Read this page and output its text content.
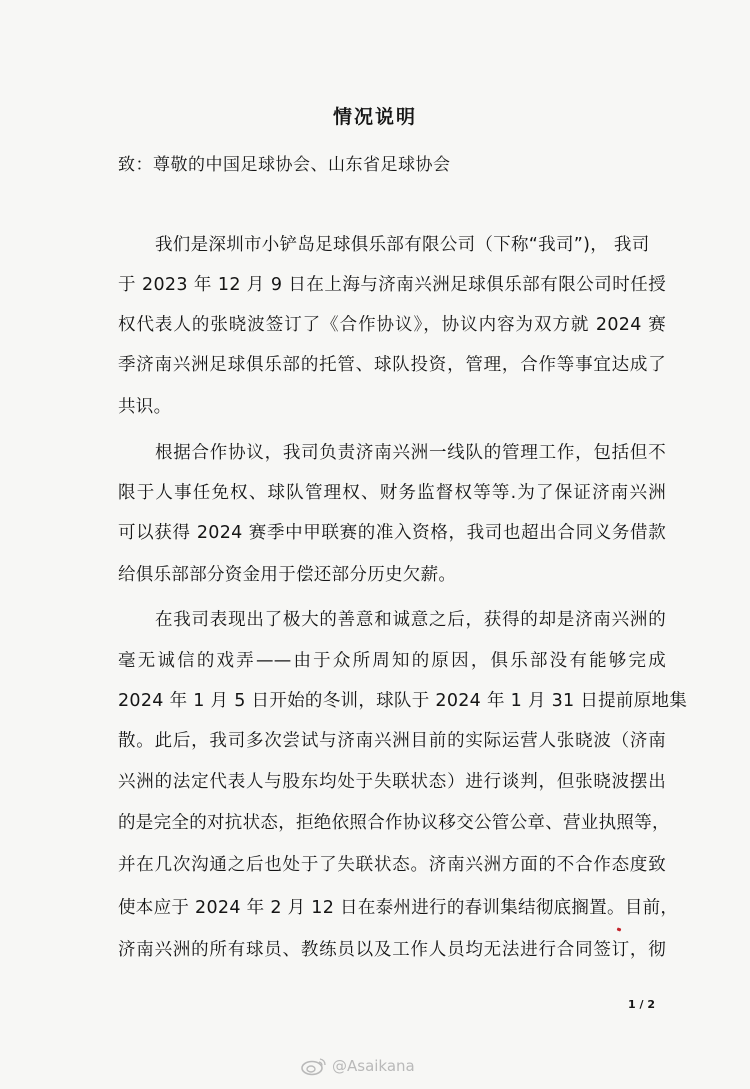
情况说明
致：尊敬的中国足球协会、山东省足球协会
我们是深圳市小铲岛足球俱乐部有限公司（下称“我司”)， 我司
于 2023 年 12 月 9 日在上海与济南兴洲足球俱乐部有限公司时任授
权代表人的张晓波签订了《合作协议》，协议内容为双方就 2024 赛
季济南兴洲足球俱乐部的托管、球队投资，管理，合作等事宜达成了
共识。
根据合作协议，我司负责济南兴洲一线队的管理工作，包括但不
限于人事任免权、球队管理权、财务监督权等等.为了保证济南兴洲
可以获得 2024 赛季中甲联赛的准入资格，我司也超出合同义务借款
给俱乐部部分资金用于偿还部分历史欠薪。
在我司表现出了极大的善意和诚意之后，获得的却是济南兴洲的
毫无诚信的戏弄——由于众所周知的原因，俱乐部没有能够完成
2024 年 1 月 5 日开始的冬训，球队于 2024 年 1 月 31 日提前原地集
散。此后，我司多次尝试与济南兴洲目前的实际运营人张晓波（济南
兴洲的法定代表人与股东均处于失联状态）进行谈判，但张晓波摆出
的是完全的对抗状态，拒绝依照合作协议移交公管公章、营业执照等，
并在几次沟通之后也处于了失联状态。济南兴洲方面的不合作态度致
使本应于 2024 年 2 月 12 日在泰州进行的春训集结彻底搁置。目前，
济南兴洲的所有球员、教练员以及工作人员均无法进行合同签订，彻
1 / 2
@Asaikana
